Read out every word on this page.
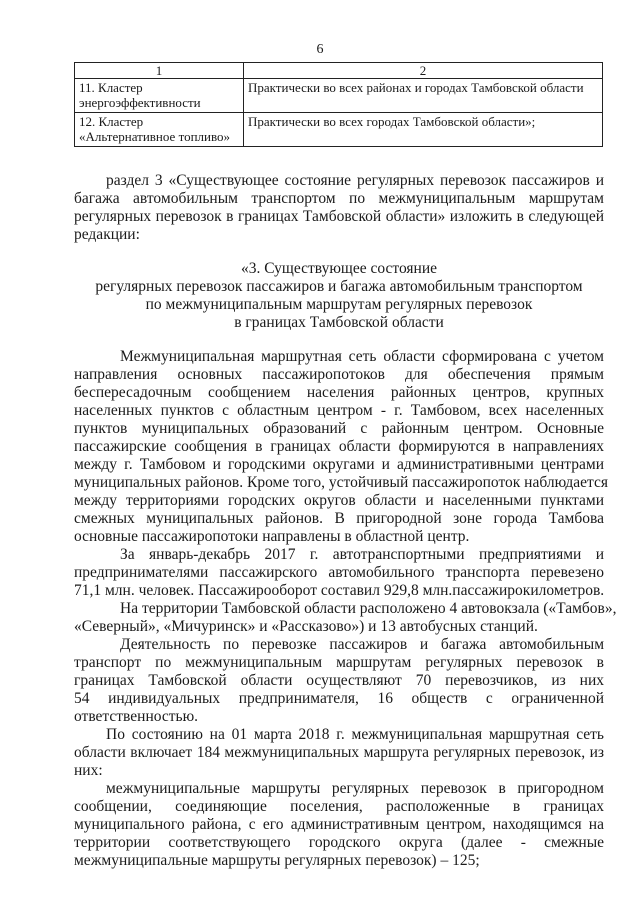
6
1	2
11. Кластер
энергоэффективности	Практически во всех районах и городах Тамбовской области
12. Кластер
«Альтернативное топливо»	Практически во всех городах Тамбовской области»;
раздел 3 «Существующее состояние регулярных перевозок пассажиров и
багажа автомобильным транспортом по межмуниципальным маршрутам
регулярных перевозок в границах Тамбовской области» изложить в следующей
редакции:
«3. Существующее состояние
регулярных перевозок пассажиров и багажа автомобильным транспортом
по межмуниципальным маршрутам регулярных перевозок
в границах Тамбовской области
Межмуниципальная маршрутная сеть области сформирована с учетом
направления основных пассажиропотоков для обеспечения прямым
беспересадочным сообщением населения районных центров, крупных
населенных пунктов с областным центром - г. Тамбовом, всех населенных
пунктов муниципальных образований с районным центром. Основные
пассажирские сообщения в границах области формируются в направлениях
между г. Тамбовом и городскими округами и административными центрами
муниципальных районов. Кроме того, устойчивый пассажиропоток наблюдается
между территориями городских округов области и населенными пунктами
смежных муниципальных районов. В пригородной зоне города Тамбова
основные пассажиропотоки направлены в областной центр.
За январь-декабрь 2017 г. автотранспортными предприятиями и
предпринимателями пассажирского автомобильного транспорта перевезено
71,1 млн. человек. Пассажирооборот составил 929,8 млн.пассажирокилометров.
На территории Тамбовской области расположено 4 автовокзала («Тамбов»,
«Северный», «Мичуринск» и «Рассказово») и 13 автобусных станций.
Деятельность по перевозке пассажиров и багажа автомобильным
транспорт по межмуниципальным маршрутам регулярных перевозок в
границах Тамбовской области осуществляют 70 перевозчиков, из них
54 индивидуальных предпринимателя, 16 обществ с ограниченной
ответственностью.
По состоянию на 01 марта 2018 г. межмуниципальная маршрутная сеть
области включает 184 межмуниципальных маршрута регулярных перевозок, из
них:
межмуниципальные маршруты регулярных перевозок в пригородном
сообщении, соединяющие поселения, расположенные в границах
муниципального района, с его административным центром, находящимся на
территории соответствующего городского округа (далее - смежные
межмуниципальные маршруты регулярных перевозок) – 125;
